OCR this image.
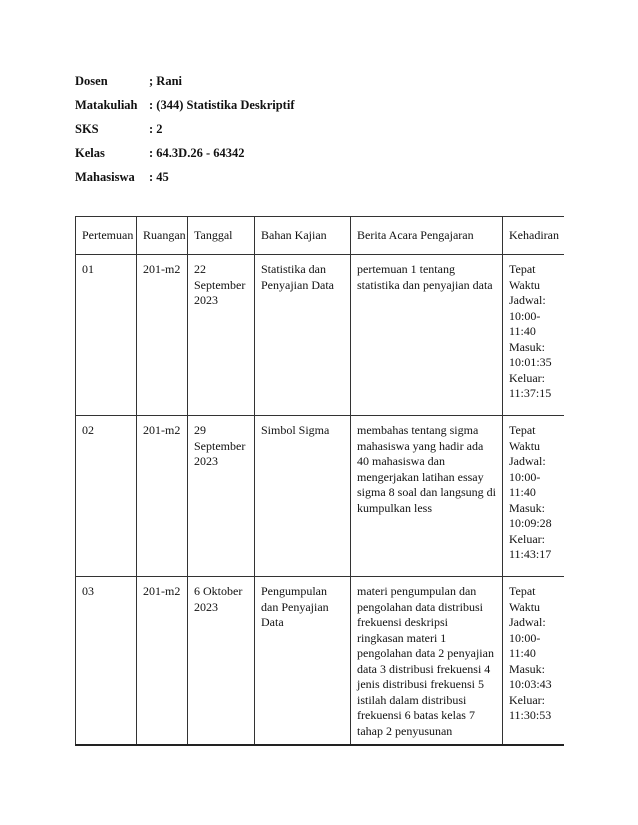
Dosen	; Rani
Matakuliah : (344) Statistika Deskriptif
SKS	: 2
Kelas	: 64.3D.26 - 64342
Mahasiswa	: 45
Pertemuan	Ruangan	Tanggal	Bahan Kajian	Berita Acara Pengajaran	Kehadiran
01	201-m2	22 September 2023	Statistika dan Penyajian Data	pertemuan 1 tentang statistika dan penyajian data	Tepat Waktu Jadwal: 10:00-11:40 Masuk: 10:01:35 Keluar: 11:37:15
02	201-m2	29 September 2023	Simbol Sigma	membahas tentang sigma mahasiswa yang hadir ada 40 mahasiswa dan mengerjakan latihan essay sigma 8 soal dan langsung di kumpulkan less	Tepat Waktu Jadwal: 10:00-11:40 Masuk: 10:09:28 Keluar: 11:43:17
03	201-m2	6 Oktober 2023	Pengumpulan dan Penyajian Data	materi pengumpulan dan pengolahan data distribusi frekuensi deskripsi ringkasan materi 1 pengolahan data 2 penyajian data 3 distribusi frekuensi 4 jenis distribusi frekuensi 5 istilah dalam distribusi frekuensi 6 batas kelas 7 tahap 2 penyusunan	Tepat Waktu Jadwal: 10:00-11:40 Masuk: 10:03:43 Keluar: 11:30:53
